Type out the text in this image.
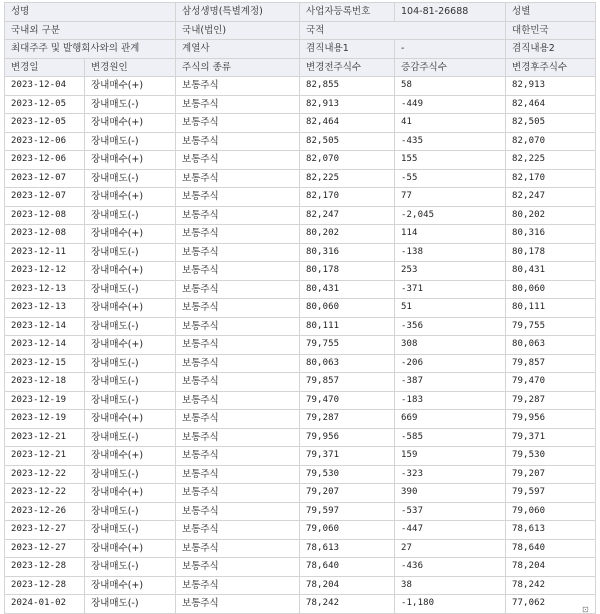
성명		삼성생명(특별계정)	사업자등록번호	104-81-26688	성별
국내외 구분		국내(법인)	국적		대한민국
최대주주 및 발행회사와의 관계		계열사	겸직내용1	-	겸직내용2
변경일	변경원인	주식의 종류	변경전주식수	증감주식수	변경후주식수
2023-12-04	장내매수(+)	보통주식	82,855	58	82,913
2023-12-05	장내매도(-)	보통주식	82,913	-449	82,464
2023-12-05	장내매수(+)	보통주식	82,464	41	82,505
2023-12-06	장내매도(-)	보통주식	82,505	-435	82,070
2023-12-06	장내매수(+)	보통주식	82,070	155	82,225
2023-12-07	장내매도(-)	보통주식	82,225	-55	82,170
2023-12-07	장내매수(+)	보통주식	82,170	77	82,247
2023-12-08	장내매도(-)	보통주식	82,247	-2,045	80,202
2023-12-08	장내매수(+)	보통주식	80,202	114	80,316
2023-12-11	장내매도(-)	보통주식	80,316	-138	80,178
2023-12-12	장내매수(+)	보통주식	80,178	253	80,431
2023-12-13	장내매도(-)	보통주식	80,431	-371	80,060
2023-12-13	장내매수(+)	보통주식	80,060	51	80,111
2023-12-14	장내매도(-)	보통주식	80,111	-356	79,755
2023-12-14	장내매수(+)	보통주식	79,755	308	80,063
2023-12-15	장내매도(-)	보통주식	80,063	-206	79,857
2023-12-18	장내매도(-)	보통주식	79,857	-387	79,470
2023-12-19	장내매도(-)	보통주식	79,470	-183	79,287
2023-12-19	장내매수(+)	보통주식	79,287	669	79,956
2023-12-21	장내매도(-)	보통주식	79,956	-585	79,371
2023-12-21	장내매수(+)	보통주식	79,371	159	79,530
2023-12-22	장내매도(-)	보통주식	79,530	-323	79,207
2023-12-22	장내매수(+)	보통주식	79,207	390	79,597
2023-12-26	장내매도(-)	보통주식	79,597	-537	79,060
2023-12-27	장내매도(-)	보통주식	79,060	-447	78,613
2023-12-27	장내매수(+)	보통주식	78,613	27	78,640
2023-12-28	장내매도(-)	보통주식	78,640	-436	78,204
2023-12-28	장내매수(+)	보통주식	78,204	38	78,242
2024-01-02	장내매도(-)	보통주식	78,242	-1,180	77,062
⊡
